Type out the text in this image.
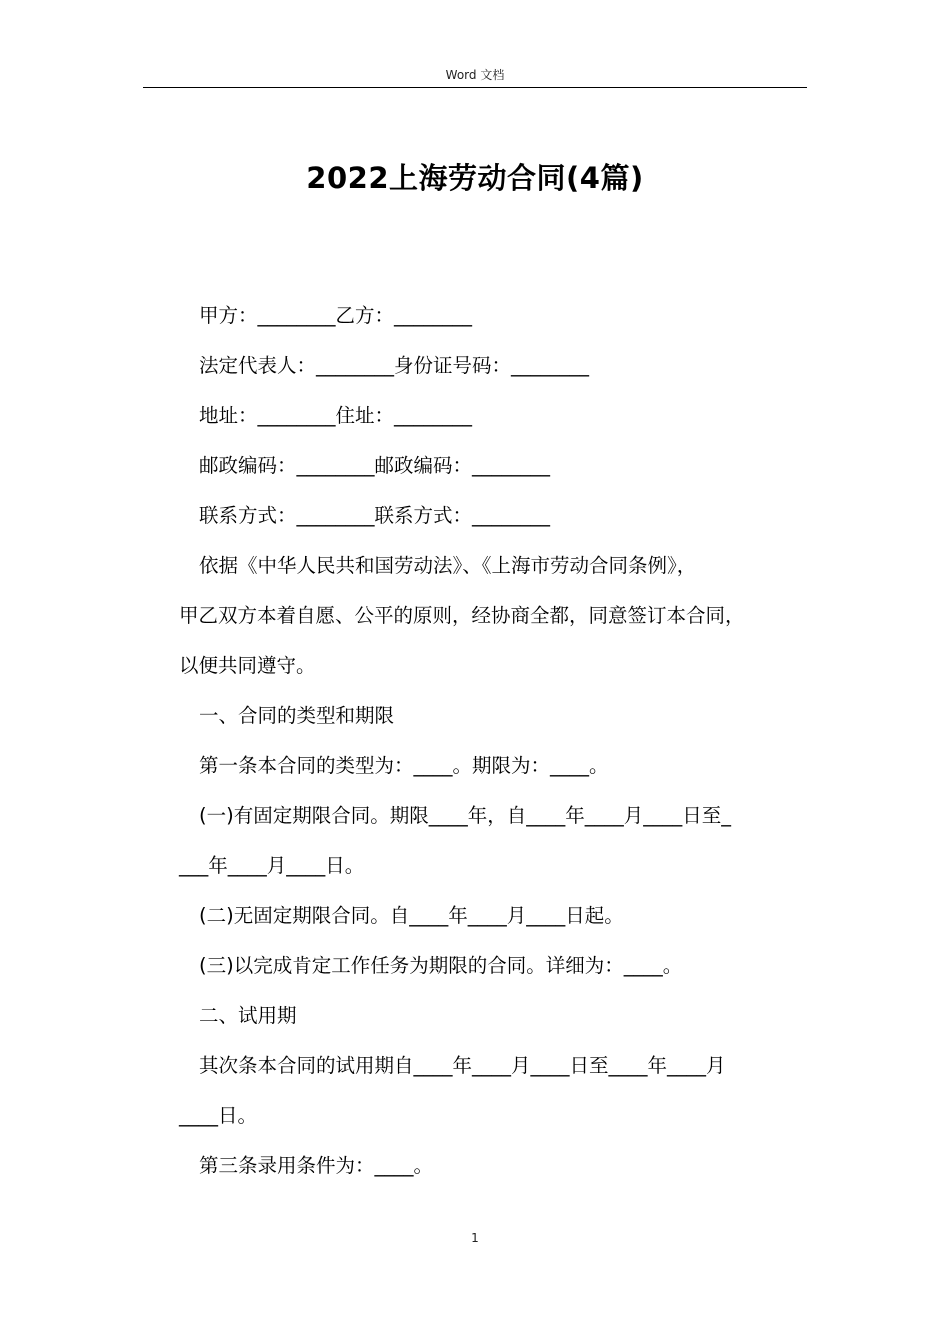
Word 文档
2022上海劳动合同(4篇)

甲方：________乙方：________

法定代表人：________身份证号码：________

地址：________住址：________

邮政编码：________邮政编码：________

联系方式：________联系方式：________

依据《中华人民共和国劳动法》、《上海市劳动合同条例》，

甲乙双方本着自愿、公平的原则，经协商全都，同意签订本合同，

以便共同遵守。

一、合同的类型和期限

第一条本合同的类型为：____。期限为：____。

(一)有固定期限合同。期限____年，自____年____月____日至_

___年____月____日。

(二)无固定期限合同。自____年____月____日起。

(三)以完成肯定工作任务为期限的合同。详细为：____。

二、试用期

其次条本合同的试用期自____年____月____日至____年____月

____日。

第三条录用条件为：____。

1
